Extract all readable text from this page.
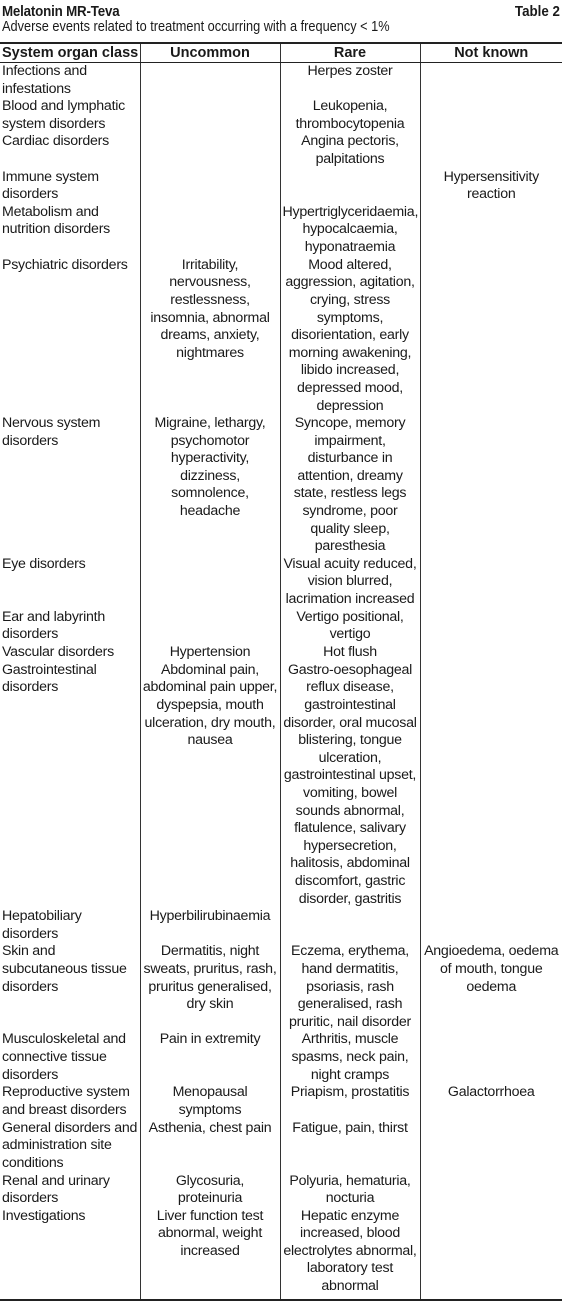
Melatonin MR-Teva	Table 2
Adverse events related to treatment occurring with a frequency < 1%
System organ class	Uncommon	Rare	Not known

Infections and infestations		Herpes zoster	

Blood and lymphatic system disorders		Leukopenia, thrombocytopenia	

Cardiac disorders		Angina pectoris, palpitations	

Immune system disorders			Hypersensitivity reaction

Metabolism and nutrition disorders		Hypertriglyceridaemia, hypocalcaemia, hyponatraemia	

Psychiatric disorders	Irritability, nervousness, restlessness, insomnia, abnormal dreams, anxiety, nightmares	Mood altered, aggression, agitation, crying, stress symptoms, disorientation, early morning awakening, libido increased, depressed mood, depression	

Nervous system disorders	Migraine, lethargy, psychomotor hyperactivity, dizziness, somnolence, headache	Syncope, memory impairment, disturbance in attention, dreamy state, restless legs syndrome, poor quality sleep, paresthesia	

Eye disorders		Visual acuity reduced, vision blurred, lacrimation increased	

Ear and labyrinth disorders		Vertigo positional, vertigo	

Vascular disorders	Hypertension	Hot flush	

Gastrointestinal disorders	Abdominal pain, abdominal pain upper, dyspepsia, mouth ulceration, dry mouth, nausea	Gastro-oesophageal reflux disease, gastrointestinal disorder, oral mucosal blistering, tongue ulceration, gastrointestinal upset, vomiting, bowel sounds abnormal, flatulence, salivary hypersecretion, halitosis, abdominal discomfort, gastric disorder, gastritis	

Hepatobiliary disorders	Hyperbilirubinaemia		

Skin and subcutaneous tissue disorders	Dermatitis, night sweats, pruritus, rash, pruritus generalised, dry skin	Eczema, erythema, hand dermatitis, psoriasis, rash generalised, rash pruritic, nail disorder	Angioedema, oedema of mouth, tongue oedema

Musculoskeletal and connective tissue disorders	Pain in extremity	Arthritis, muscle spasms, neck pain, night cramps	

Reproductive system and breast disorders	Menopausal symptoms	Priapism, prostatitis	Galactorrhoea

General disorders and administration site conditions	Asthenia, chest pain	Fatigue, pain, thirst	

Renal and urinary disorders	Glycosuria, proteinuria	Polyuria, hematuria, nocturia	

Investigations	Liver function test abnormal, weight increased	Hepatic enzyme increased, blood electrolytes abnormal, laboratory test abnormal	
